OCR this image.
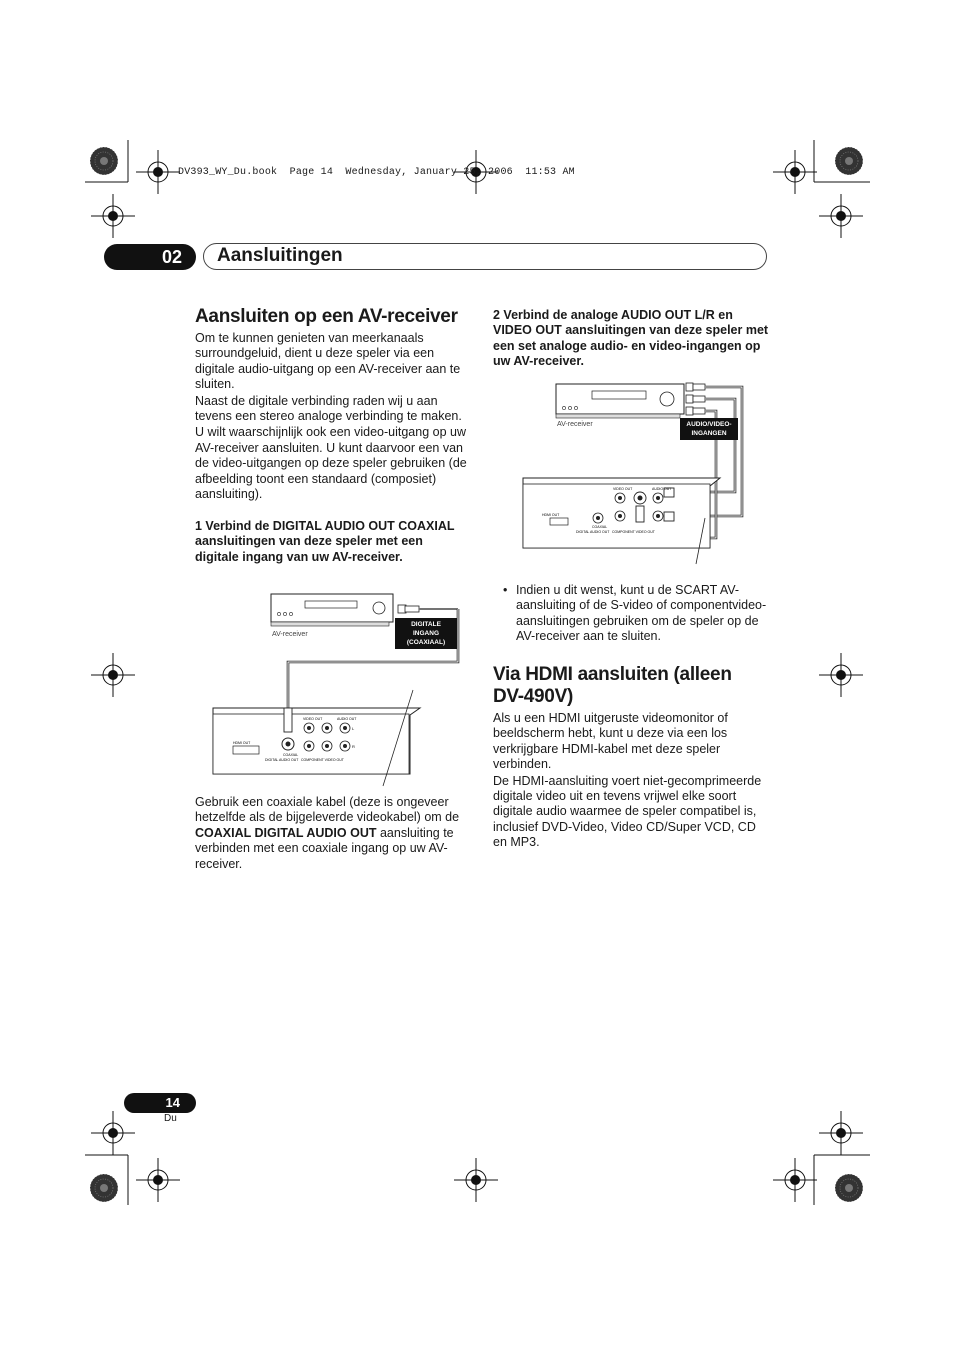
DV393_WY_Du.book  Page 14  Wednesday, January 25, 2006  11:53 AM
02	Aansluitingen
Aansluiten op een AV-receiver

Om te kunnen genieten van meerkanaals surroundgeluid, dient u deze speler via een digitale audio-uitgang op een AV-receiver aan te sluiten.

Naast de digitale verbinding raden wij u aan tevens een stereo analoge verbinding te maken.

U wilt waarschijnlijk ook een video-uitgang op uw AV-receiver aansluiten. U kunt daarvoor een van de video-uitgangen op deze speler gebruiken (de afbeelding toont een standaard (composiet) aansluiting).

1 Verbind de DIGITAL AUDIO OUT COAXIAL aansluitingen van deze speler met een digitale ingang van uw AV-receiver.
HDMI OUT
COAXIAL
DIGITAL AUDIO OUT
VIDEO OUT	AUDIO OUT
COMPONENT VIDEO OUT
L
R
AV-receiver
DIGITALE INGANG
(COAXIAAL)
Gebruik een coaxiale kabel (deze is ongeveer hetzelfde als de bijgeleverde videokabel) om de COAXIAL DIGITAL AUDIO OUT aansluiting te verbinden met een coaxiale ingang op uw AV-receiver.
2 Verbind de analoge AUDIO OUT L/R en VIDEO OUT aansluitingen van deze speler met een set analoge audio- en video-ingangen op uw AV-receiver.
HDMI OUT
COAXIAL
DIGITAL AUDIO OUT
VIDEO OUT	AUDIO OUT
COMPONENT VIDEO OUT
AV-receiver	AUDIO/VIDEO-
INGANGEN
• Indien u dit wenst, kunt u de SCART AV-aansluiting of de S-video of componentvideo-aansluitingen gebruiken om de speler op de AV-receiver aan te sluiten.
Via HDMI aansluiten (alleen DV-490V)

Als u een HDMI uitgeruste videomonitor of beeldscherm hebt, kunt u deze via een los verkrijgbare HDMI-kabel met deze speler verbinden.

De HDMI-aansluiting voert niet-gecomprimeerde digitale video uit en tevens vrijwel elke soort digitale audio waarmee de speler compatibel is, inclusief DVD-Video, Video CD/Super VCD, CD en MP3.

14
Du
